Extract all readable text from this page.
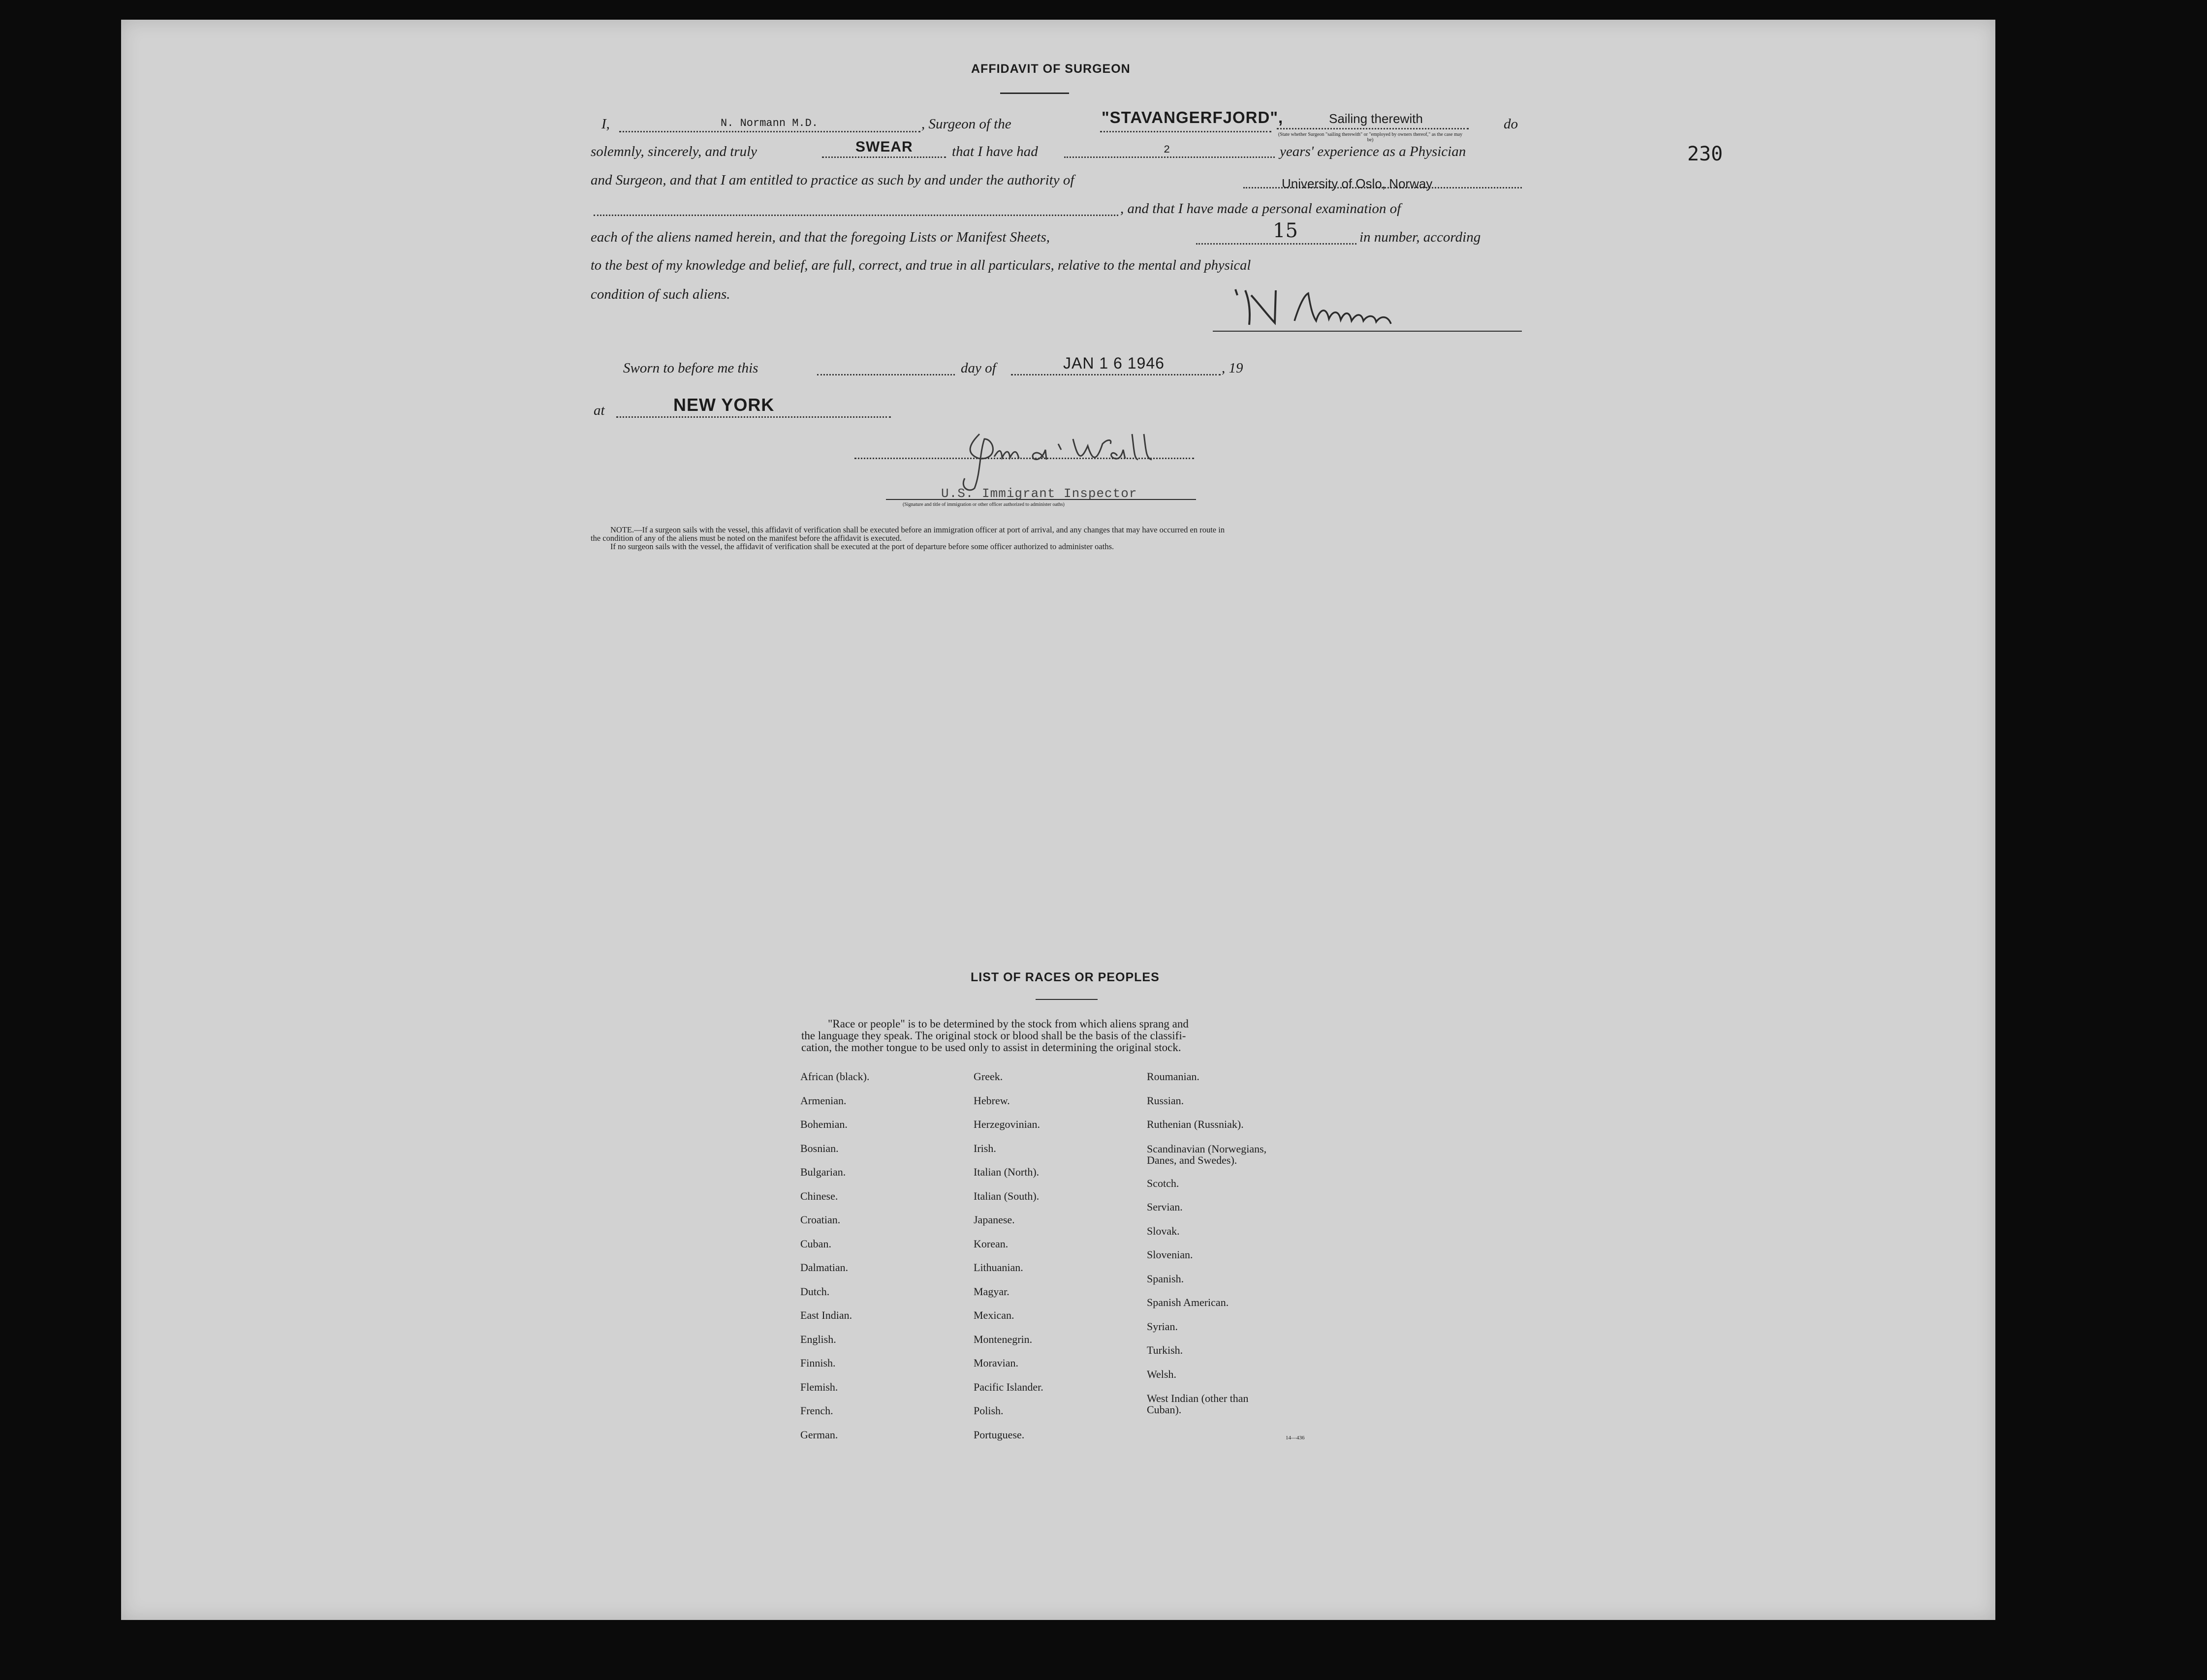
230
AFFIDAVIT OF SURGEON
I,	N. Normann M.D.	, Surgeon of the	"STAVANGERFJORD",	Sailing therewith
(State whether Surgeon "sailing therewith" or "employed by owners thereof," as the case may be)
do
solemnly, sincerely, and truly	SWEAR	that I have had	2	years' experience as a Physician
and Surgeon, and that I am entitled to practice as such by and under the authority of	University of Oslo, Norway
, and that I have made a personal examination of
each of the aliens named herein, and that the foregoing Lists or Manifest Sheets,	15	in number, according
to the best of my knowledge and belief, are full, correct, and true in all particulars, relative to the mental and physical
condition of such aliens.
Sworn to before me this	day of	JAN 1 6 1946	, 19
at	NEW YORK
U.S. Immigrant Inspector
(Signature and title of immigration or other officer authorized to administer oaths)
NOTE.—If a surgeon sails with the vessel, this affidavit of verification shall be executed before an immigration officer at port of arrival, and any changes that may have occurred en route in
the condition of any of the aliens must be noted on the manifest before the affidavit is executed.
If no surgeon sails with the vessel, the affidavit of verification shall be executed at the port of departure before some officer authorized to administer oaths.
LIST OF RACES OR PEOPLES
"Race or people" is to be determined by the stock from which aliens sprang and
the language they speak. The original stock or blood shall be the basis of the classifi-
cation, the mother tongue to be used only to assist in determining the original stock.
African (black).
Armenian.
Bohemian.
Bosnian.
Bulgarian.
Chinese.
Croatian.
Cuban.
Dalmatian.
Dutch.
East Indian.
English.
Finnish.
Flemish.
French.
German.
Greek.
Hebrew.
Herzegovinian.
Irish.
Italian (North).
Italian (South).
Japanese.
Korean.
Lithuanian.
Magyar.
Mexican.
Montenegrin.
Moravian.
Pacific Islander.
Polish.
Portuguese.
Roumanian.
Russian.
Ruthenian (Russniak).
Scandinavian (Norwegians, Danes, and Swedes).
Scotch.
Servian.
Slovak.
Slovenian.
Spanish.
Spanish American.
Syrian.
Turkish.
Welsh.
West Indian (other than Cuban).
14—436
